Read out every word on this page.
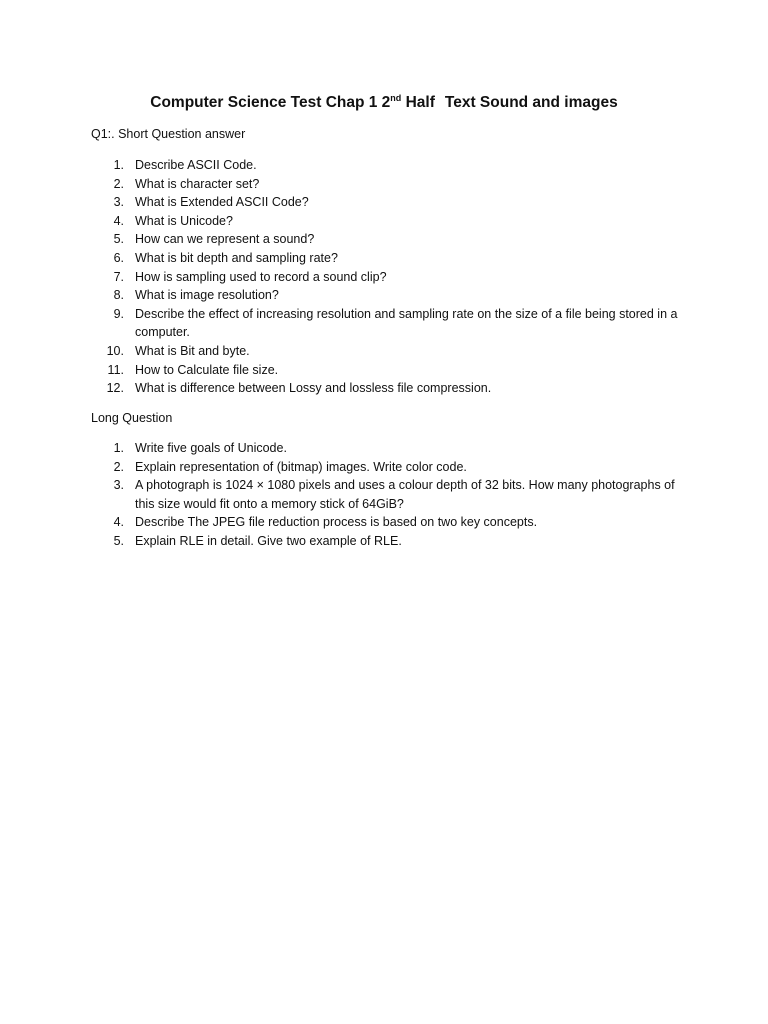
Computer Science Test Chap 1 2nd Half Text Sound and images
Q1:. Short Question answer
1. Describe ASCII Code.
2. What is character set?
3. What is Extended ASCII Code?
4. What is Unicode?
5. How can we represent a sound?
6. What is bit depth and sampling rate?
7. How is sampling used to record a sound clip?
8. What is image resolution?
9. Describe the effect of increasing resolution and sampling rate on the size of a file being stored in a computer.
10. What is Bit and byte.
11. How to Calculate file size.
12. What is difference between Lossy and lossless file compression.
Long Question
1. Write five goals of Unicode.
2. Explain representation of (bitmap) images. Write color code.
3. A photograph is 1024 × 1080 pixels and uses a colour depth of 32 bits. How many photographs of this size would fit onto a memory stick of 64GiB?
4. Describe The JPEG file reduction process is based on two key concepts.
5. Explain RLE in detail. Give two example of RLE.
